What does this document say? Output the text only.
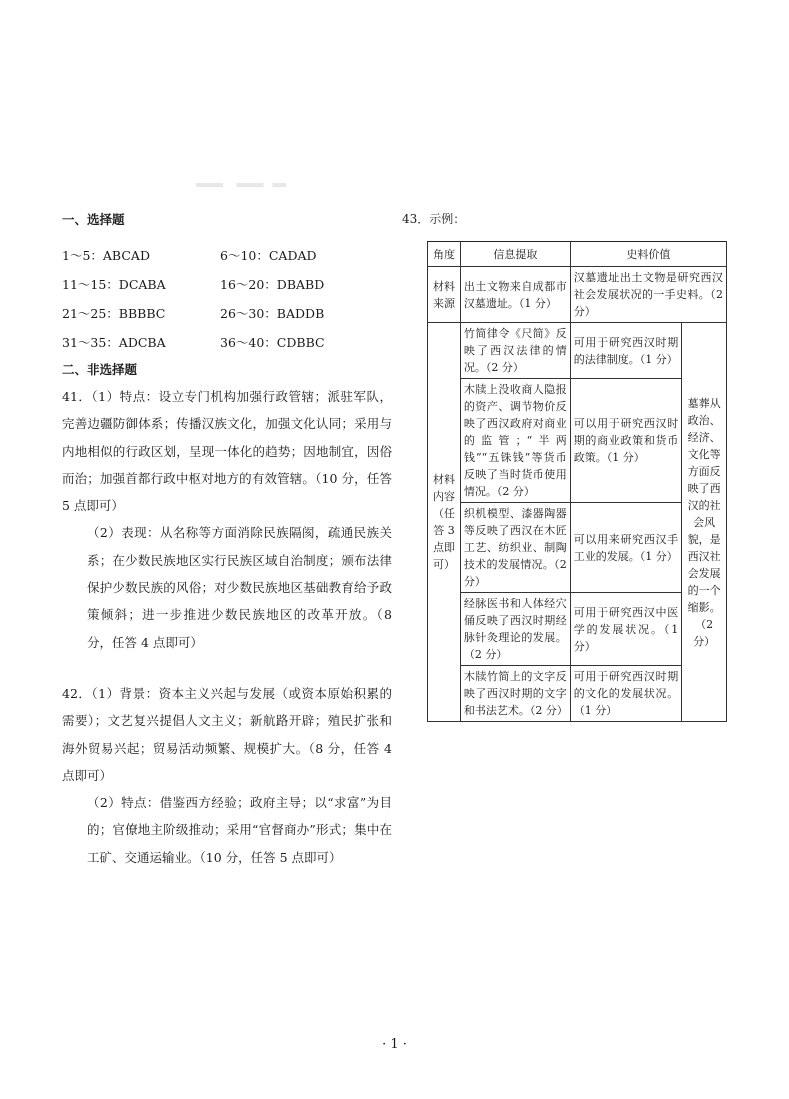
一、选择题

1～5：ABCAD	6～10：CADAD
11～15：DCABA	16～20：DBABD
21～25：BBBBC	26～30：BADDB
31～35：ADCBA	36～40：CDBBC

二、非选择题

41．（1）特点：设立专门机构加强行政管辖；派驻军队，完善边疆防御体系；传播汉族文化，加强文化认同；采用与内地相似的行政区划，呈现一体化的趋势；因地制宜，因俗而治；加强首都行政中枢对地方的有效管辖。（10 分，任答 5 点即可）

（2）表现：从名称等方面消除民族隔阂，疏通民族关系；在少数民族地区实行民族区域自治制度；颁布法律保护少数民族的风俗；对少数民族地区基础教育给予政策倾斜；进一步推进少数民族地区的改革开放。（8 分，任答 4 点即可）

42．（1）背景：资本主义兴起与发展（或资本原始积累的需要）；文艺复兴提倡人文主义；新航路开辟；殖民扩张和海外贸易兴起；贸易活动频繁、规模扩大。（8 分，任答 4 点即可）

（2）特点：借鉴西方经验；政府主导；以“求富”为目的；官僚地主阶级推动；采用“官督商办”形式；集中在工矿、交通运输业。（10 分，任答 5 点即可）

43．示例：
角度	信息提取	史料价值	
材料来源	出土文物来自成都市汉墓遗址。（1 分）	汉墓遗址出土文物是研究西汉社会发展状况的一手史料。（2 分）	
材料内容（任答 3 点即可）	竹简律令《尺简》反映了西汉法律的情况。（2 分）	可用于研究西汉时期的法律制度。（1 分）	墓葬从政治、经济、文化等方面反映了西汉的社会风貌，是西汉社会发展的一个缩影。（2 分）
	木牍上没收商人隐报的资产、调节物价反映了西汉政府对商业的监管；“半两钱”“五铢钱”等货币反映了当时货币使用情况。（2 分）	可以用于研究西汉时期的商业政策和货币政策。（1 分）	
	织机模型、漆器陶器等反映了西汉在木匠工艺、纺织业、制陶技术的发展情况。（2 分）	可以用来研究西汉手工业的发展。（1 分）	
	经脉医书和人体经穴俑反映了西汉时期经脉针灸理论的发展。（2 分）	可用于研究西汉中医学的发展状况。（1 分）	
	木牍竹简上的文字反映了西汉时期的文字和书法艺术。（2 分）	可用于研究西汉时期的文化的发展状况。（1 分）	
· 1 ·
